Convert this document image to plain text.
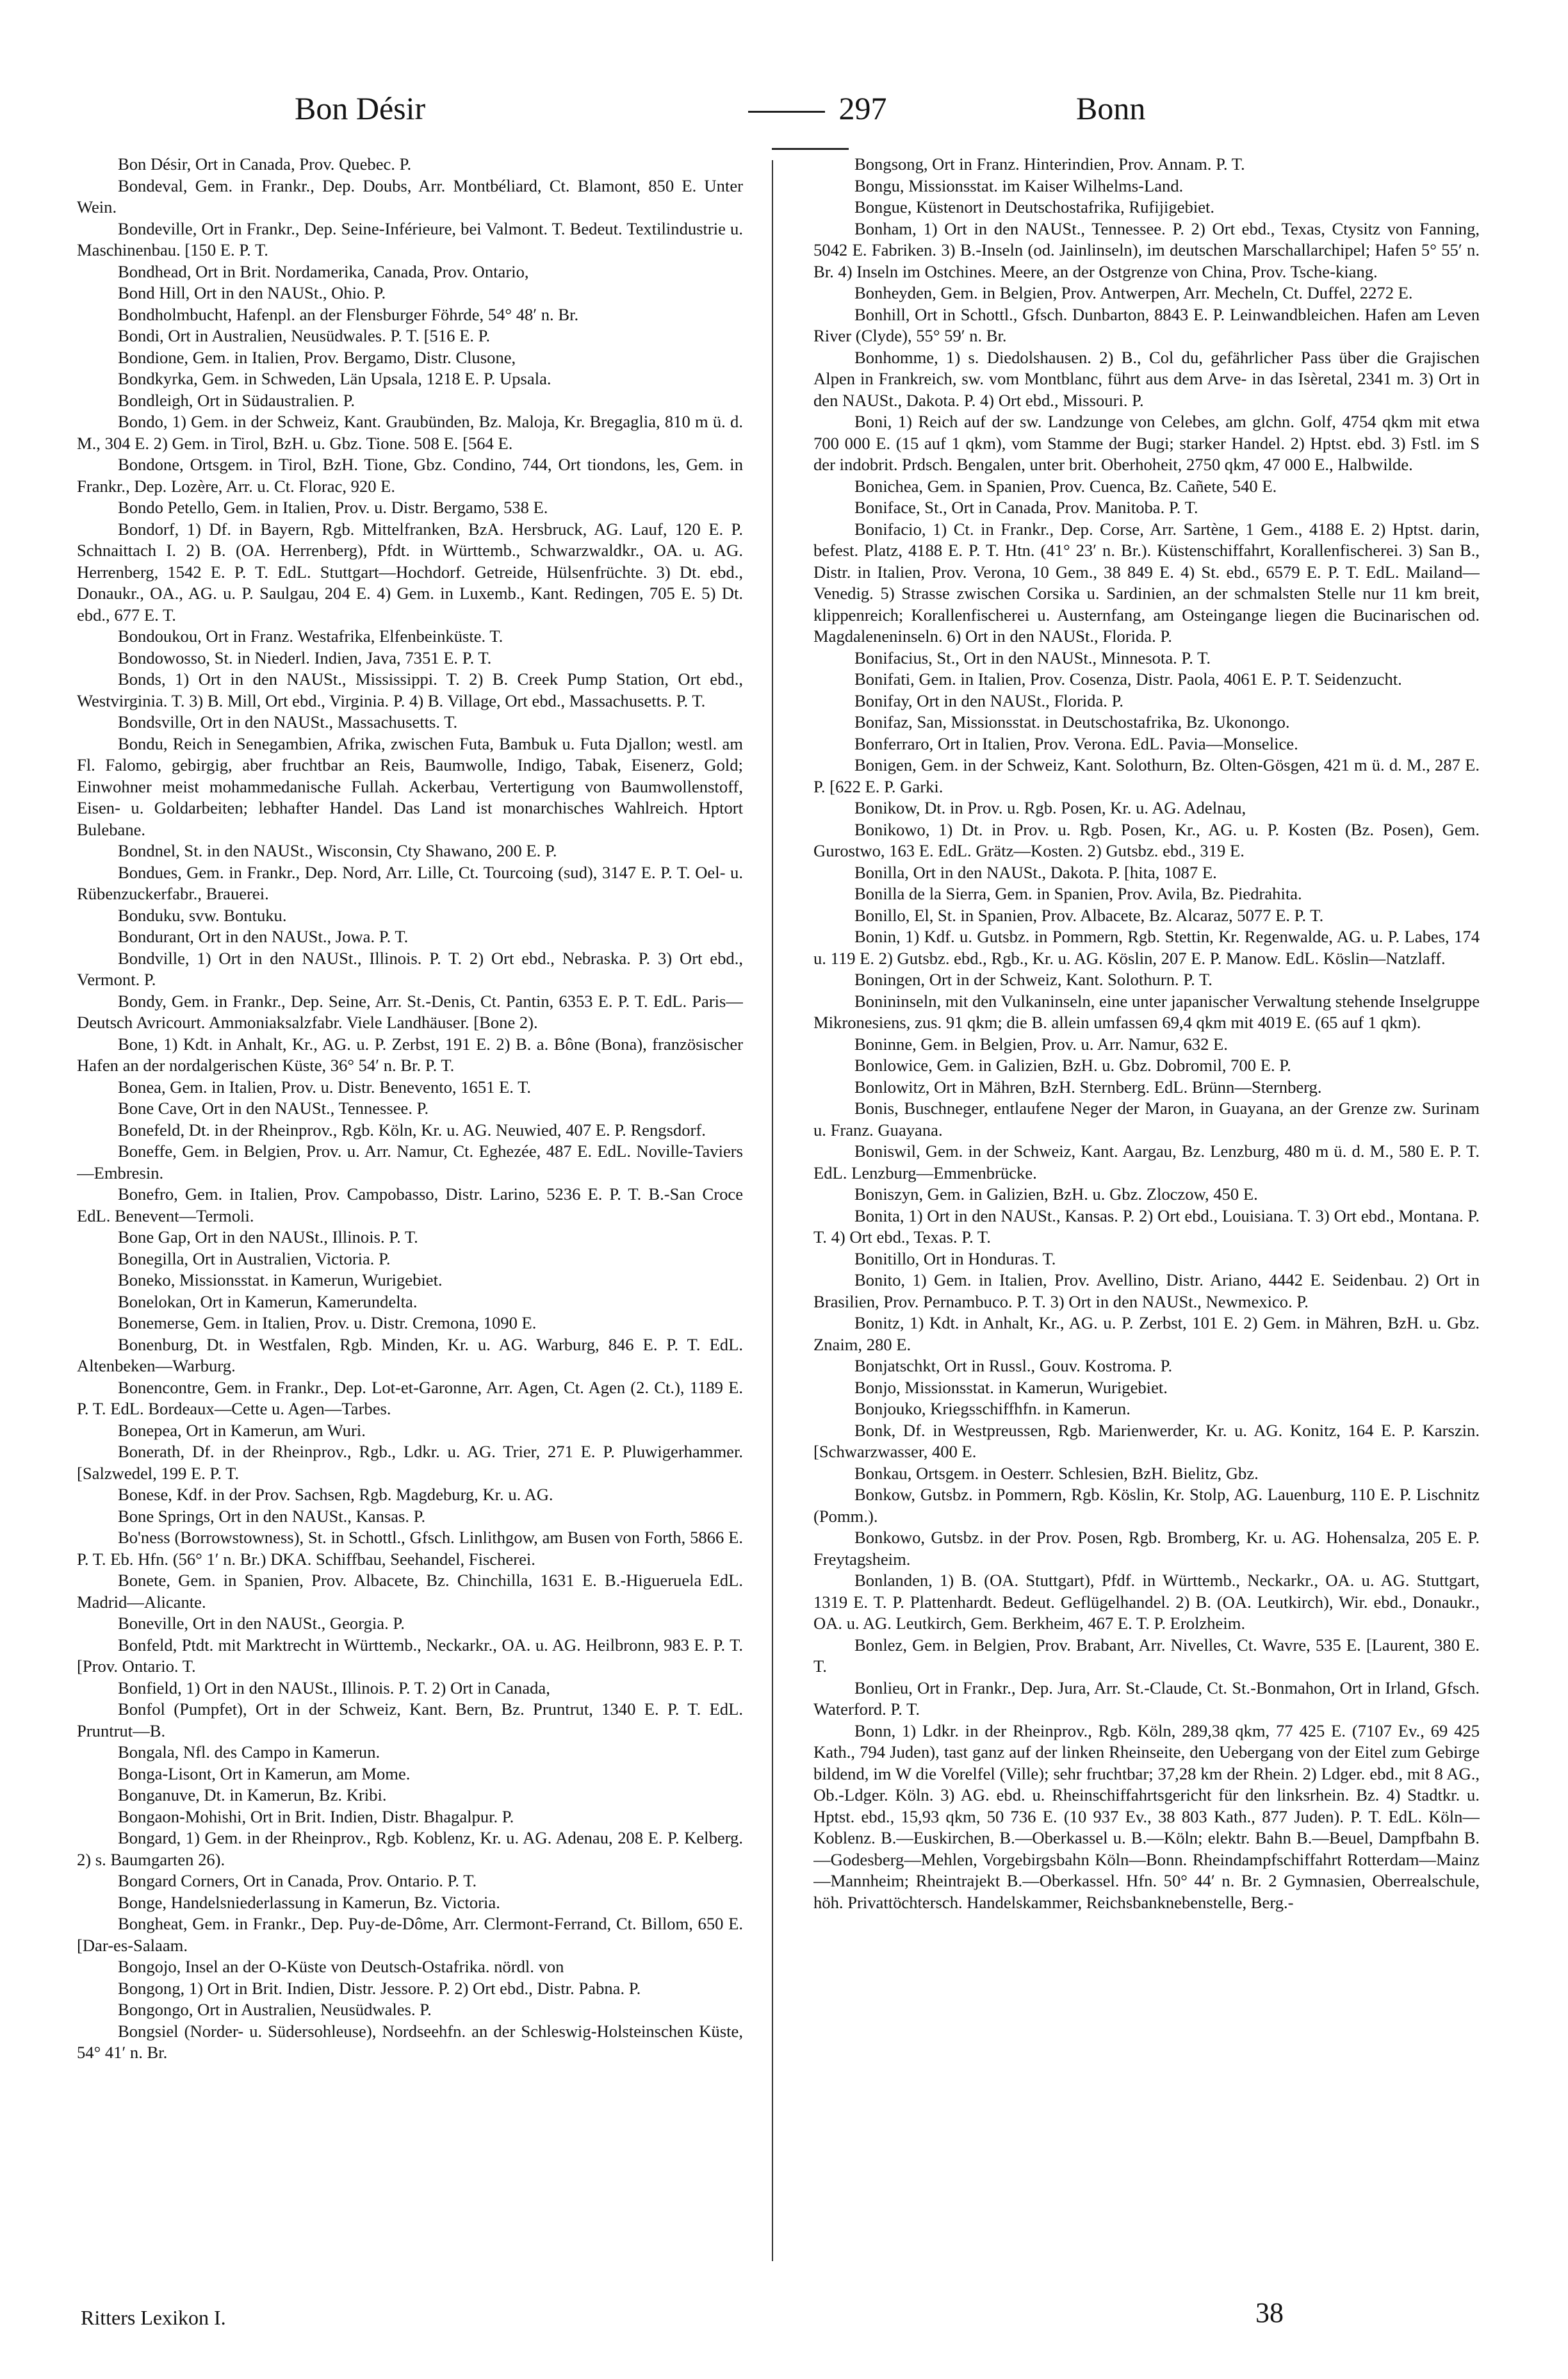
Bon Désir	297	Bonn

Bon Désir, Ort in Canada, Prov. Quebec. P.

Bondeval, Gem. in Frankr., Dep. Doubs, Arr. Montbéliard, Ct. Blamont, 850 E. Unter Wein.

Bondeville, Ort in Frankr., Dep. Seine-Inférieure, bei Valmont. T. Bedeut. Textilindustrie u. Maschinenbau. [150 E. P. T.

Bondhead, Ort in Brit. Nordamerika, Canada, Prov. Ontario,

Bond Hill, Ort in den NAUSt., Ohio. P.

Bondholmbucht, Hafenpl. an der Flensburger Föhrde, 54° 48′ n. Br.

Bondi, Ort in Australien, Neusüdwales. P. T. [516 E. P.

Bondione, Gem. in Italien, Prov. Bergamo, Distr. Clusone,

Bondkyrka, Gem. in Schweden, Län Upsala, 1218 E. P. Upsala.

Bondleigh, Ort in Südaustralien. P.

Bondo, 1) Gem. in der Schweiz, Kant. Graubünden, Bz. Maloja, Kr. Bregaglia, 810 m ü. d. M., 304 E. 2) Gem. in Tirol, BzH. u. Gbz. Tione. 508 E. [564 E.

Bondone, Ortsgem. in Tirol, BzH. Tione, Gbz. Condino, 744, Ort tiondons, les, Gem. in Frankr., Dep. Lozère, Arr. u. Ct. Florac, 920 E.

Bondo Petello, Gem. in Italien, Prov. u. Distr. Bergamo, 538 E.

Bondorf, 1) Df. in Bayern, Rgb. Mittelfranken, BzA. Hersbruck, AG. Lauf, 120 E. P. Schnaittach I. 2) B. (OA. Herrenberg), Pfdt. in Württemb., Schwarzwaldkr., OA. u. AG. Herrenberg, 1542 E. P. T. EdL. Stuttgart—Hochdorf. Getreide, Hülsenfrüchte. 3) Dt. ebd., Donaukr., OA., AG. u. P. Saulgau, 204 E. 4) Gem. in Luxemb., Kant. Redingen, 705 E. 5) Dt. ebd., 677 E. T.

Bondoukou, Ort in Franz. Westafrika, Elfenbeinküste. T.

Bondowosso, St. in Niederl. Indien, Java, 7351 E. P. T.

Bonds, 1) Ort in den NAUSt., Mississippi. T. 2) B. Creek Pump Station, Ort ebd., Westvirginia. T. 3) B. Mill, Ort ebd., Virginia. P. 4) B. Village, Ort ebd., Massachusetts. P. T.

Bondsville, Ort in den NAUSt., Massachusetts. T.

Bondu, Reich in Senegambien, Afrika, zwischen Futa, Bambuk u. Futa Djallon; westl. am Fl. Falomo, gebirgig, aber fruchtbar an Reis, Baumwolle, Indigo, Tabak, Eisenerz, Gold; Einwohner meist mohammedanische Fullah. Ackerbau, Vertertigung von Baumwollenstoff, Eisen- u. Goldarbeiten; lebhafter Handel. Das Land ist monarchisches Wahlreich. Hptort Bulebane.

Bondnel, St. in den NAUSt., Wisconsin, Cty Shawano, 200 E. P.

Bondues, Gem. in Frankr., Dep. Nord, Arr. Lille, Ct. Tourcoing (sud), 3147 E. P. T. Oel- u. Rübenzuckerfabr., Brauerei.

Bonduku, svw. Bontuku.

Bondurant, Ort in den NAUSt., Jowa. P. T.

Bondville, 1) Ort in den NAUSt., Illinois. P. T. 2) Ort ebd., Nebraska. P. 3) Ort ebd., Vermont. P.

Bondy, Gem. in Frankr., Dep. Seine, Arr. St.-Denis, Ct. Pantin, 6353 E. P. T. EdL. Paris—Deutsch Avricourt. Ammoniaksalzfabr. Viele Landhäuser. [Bone 2).

Bone, 1) Kdt. in Anhalt, Kr., AG. u. P. Zerbst, 191 E. 2) B. a. Bône (Bona), französischer Hafen an der nordalgerischen Küste, 36° 54′ n. Br. P. T.

Bonea, Gem. in Italien, Prov. u. Distr. Benevento, 1651 E. T.

Bone Cave, Ort in den NAUSt., Tennessee. P.

Bonefeld, Dt. in der Rheinprov., Rgb. Köln, Kr. u. AG. Neuwied, 407 E. P. Rengsdorf.

Boneffe, Gem. in Belgien, Prov. u. Arr. Namur, Ct. Eghezée, 487 E. EdL. Noville-Taviers—Embresin.

Bonefro, Gem. in Italien, Prov. Campobasso, Distr. Larino, 5236 E. P. T. B.-San Croce EdL. Benevent—Termoli.

Bone Gap, Ort in den NAUSt., Illinois. P. T.

Bonegilla, Ort in Australien, Victoria. P.

Boneko, Missionsstat. in Kamerun, Wurigebiet.

Bonelokan, Ort in Kamerun, Kamerundelta.

Bonemerse, Gem. in Italien, Prov. u. Distr. Cremona, 1090 E.

Bonenburg, Dt. in Westfalen, Rgb. Minden, Kr. u. AG. Warburg, 846 E. P. T. EdL. Altenbeken—Warburg.

Bonencontre, Gem. in Frankr., Dep. Lot-et-Garonne, Arr. Agen, Ct. Agen (2. Ct.), 1189 E. P. T. EdL. Bordeaux—Cette u. Agen—Tarbes.

Bonepea, Ort in Kamerun, am Wuri.

Bonerath, Df. in der Rheinprov., Rgb., Ldkr. u. AG. Trier, 271 E. P. Pluwigerhammer. [Salzwedel, 199 E. P. T.

Bonese, Kdf. in der Prov. Sachsen, Rgb. Magdeburg, Kr. u. AG.

Bone Springs, Ort in den NAUSt., Kansas. P.

Bo'ness (Borrowstowness), St. in Schottl., Gfsch. Linlithgow, am Busen von Forth, 5866 E. P. T. Eb. Hfn. (56° 1′ n. Br.) DKA. Schiffbau, Seehandel, Fischerei.

Bonete, Gem. in Spanien, Prov. Albacete, Bz. Chinchilla, 1631 E. B.-Higueruela EdL. Madrid—Alicante.

Boneville, Ort in den NAUSt., Georgia. P.

Bonfeld, Ptdt. mit Marktrecht in Württemb., Neckarkr., OA. u. AG. Heilbronn, 983 E. P. T. [Prov. Ontario. T.

Bonfield, 1) Ort in den NAUSt., Illinois. P. T. 2) Ort in Canada,

Bonfol (Pumpfet), Ort in der Schweiz, Kant. Bern, Bz. Pruntrut, 1340 E. P. T. EdL. Pruntrut—B.

Bongala, Nfl. des Campo in Kamerun.

Bonga-Lisont, Ort in Kamerun, am Mome.

Bonganuve, Dt. in Kamerun, Bz. Kribi.

Bongaon-Mohishi, Ort in Brit. Indien, Distr. Bhagalpur. P.

Bongard, 1) Gem. in der Rheinprov., Rgb. Koblenz, Kr. u. AG. Adenau, 208 E. P. Kelberg. 2) s. Baumgarten 26).

Bongard Corners, Ort in Canada, Prov. Ontario. P. T.

Bonge, Handelsniederlassung in Kamerun, Bz. Victoria.

Bongheat, Gem. in Frankr., Dep. Puy-de-Dôme, Arr. Clermont-Ferrand, Ct. Billom, 650 E. [Dar-es-Salaam.

Bongojo, Insel an der O-Küste von Deutsch-Ostafrika. nördl. von

Bongong, 1) Ort in Brit. Indien, Distr. Jessore. P. 2) Ort ebd., Distr. Pabna. P.

Bongongo, Ort in Australien, Neusüdwales. P.

Bongsiel (Norder- u. Südersohleuse), Nordseehfn. an der Schleswig-Holsteinschen Küste, 54° 41′ n. Br.

Bongsong, Ort in Franz. Hinterindien, Prov. Annam. P. T.

Bongu, Missionsstat. im Kaiser Wilhelms-Land.

Bongue, Küstenort in Deutschostafrika, Rufijigebiet.

Bonham, 1) Ort in den NAUSt., Tennessee. P. 2) Ort ebd., Texas, Ctysitz von Fanning, 5042 E. Fabriken. 3) B.-Inseln (od. Jainlinseln), im deutschen Marschallarchipel; Hafen 5° 55′ n. Br. 4) Inseln im Ostchines. Meere, an der Ostgrenze von China, Prov. Tsche-kiang.

Bonheyden, Gem. in Belgien, Prov. Antwerpen, Arr. Mecheln, Ct. Duffel, 2272 E.

Bonhill, Ort in Schottl., Gfsch. Dunbarton, 8843 E. P. Leinwandbleichen. Hafen am Leven River (Clyde), 55° 59′ n. Br.

Bonhomme, 1) s. Diedolshausen. 2) B., Col du, gefährlicher Pass über die Grajischen Alpen in Frankreich, sw. vom Montblanc, führt aus dem Arve- in das Isèretal, 2341 m. 3) Ort in den NAUSt., Dakota. P. 4) Ort ebd., Missouri. P.

Boni, 1) Reich auf der sw. Landzunge von Celebes, am glchn. Golf, 4754 qkm mit etwa 700 000 E. (15 auf 1 qkm), vom Stamme der Bugi; starker Handel. 2) Hptst. ebd. 3) Fstl. im S der indobrit. Prdsch. Bengalen, unter brit. Oberhoheit, 2750 qkm, 47 000 E., Halbwilde.

Bonichea, Gem. in Spanien, Prov. Cuenca, Bz. Cañete, 540 E.

Boniface, St., Ort in Canada, Prov. Manitoba. P. T.

Bonifacio, 1) Ct. in Frankr., Dep. Corse, Arr. Sartène, 1 Gem., 4188 E. 2) Hptst. darin, befest. Platz, 4188 E. P. T. Htn. (41° 23′ n. Br.). Küstenschiffahrt, Korallenfischerei. 3) San B., Distr. in Italien, Prov. Verona, 10 Gem., 38 849 E. 4) St. ebd., 6579 E. P. T. EdL. Mailand—Venedig. 5) Strasse zwischen Corsika u. Sardinien, an der schmalsten Stelle nur 11 km breit, klippenreich; Korallenfischerei u. Austernfang, am Osteingange liegen die Bucinarischen od. Magdaleneninseln. 6) Ort in den NAUSt., Florida. P.

Bonifacius, St., Ort in den NAUSt., Minnesota. P. T.

Bonifati, Gem. in Italien, Prov. Cosenza, Distr. Paola, 4061 E. P. T. Seidenzucht.

Bonifay, Ort in den NAUSt., Florida. P.

Bonifaz, San, Missionsstat. in Deutschostafrika, Bz. Ukonongo.

Bonferraro, Ort in Italien, Prov. Verona. EdL. Pavia—Monselice.

Bonigen, Gem. in der Schweiz, Kant. Solothurn, Bz. Olten-Gösgen, 421 m ü. d. M., 287 E. P. [622 E. P. Garki.

Bonikow, Dt. in Prov. u. Rgb. Posen, Kr. u. AG. Adelnau,

Bonikowo, 1) Dt. in Prov. u. Rgb. Posen, Kr., AG. u. P. Kosten (Bz. Posen), Gem. Gurostwo, 163 E. EdL. Grätz—Kosten. 2) Gutsbz. ebd., 319 E.

Bonilla, Ort in den NAUSt., Dakota. P. [hita, 1087 E.

Bonilla de la Sierra, Gem. in Spanien, Prov. Avila, Bz. Piedrahita.

Bonillo, El, St. in Spanien, Prov. Albacete, Bz. Alcaraz, 5077 E. P. T.

Bonin, 1) Kdf. u. Gutsbz. in Pommern, Rgb. Stettin, Kr. Regenwalde, AG. u. P. Labes, 174 u. 119 E. 2) Gutsbz. ebd., Rgb., Kr. u. AG. Köslin, 207 E. P. Manow. EdL. Köslin—Natzlaff.

Boningen, Ort in der Schweiz, Kant. Solothurn. P. T.

Bonininseln, mit den Vulkaninseln, eine unter japanischer Verwaltung stehende Inselgruppe Mikronesiens, zus. 91 qkm; die B. allein umfassen 69,4 qkm mit 4019 E. (65 auf 1 qkm).

Boninne, Gem. in Belgien, Prov. u. Arr. Namur, 632 E.

Bonlowice, Gem. in Galizien, BzH. u. Gbz. Dobromil, 700 E. P.

Bonlowitz, Ort in Mähren, BzH. Sternberg. EdL. Brünn—Sternberg.

Bonis, Buschneger, entlaufene Neger der Maron, in Guayana, an der Grenze zw. Surinam u. Franz. Guayana.

Boniswil, Gem. in der Schweiz, Kant. Aargau, Bz. Lenzburg, 480 m ü. d. M., 580 E. P. T. EdL. Lenzburg—Emmenbrücke.

Boniszyn, Gem. in Galizien, BzH. u. Gbz. Zloczow, 450 E.

Bonita, 1) Ort in den NAUSt., Kansas. P. 2) Ort ebd., Louisiana. T. 3) Ort ebd., Montana. P. T. 4) Ort ebd., Texas. P. T.

Bonitillo, Ort in Honduras. T.

Bonito, 1) Gem. in Italien, Prov. Avellino, Distr. Ariano, 4442 E. Seidenbau. 2) Ort in Brasilien, Prov. Pernambuco. P. T. 3) Ort in den NAUSt., Newmexico. P.

Bonitz, 1) Kdt. in Anhalt, Kr., AG. u. P. Zerbst, 101 E. 2) Gem. in Mähren, BzH. u. Gbz. Znaim, 280 E.

Bonjatschkt, Ort in Russl., Gouv. Kostroma. P.

Bonjo, Missionsstat. in Kamerun, Wurigebiet.

Bonjouko, Kriegsschiffhfn. in Kamerun.

Bonk, Df. in Westpreussen, Rgb. Marienwerder, Kr. u. AG. Konitz, 164 E. P. Karszin. [Schwarzwasser, 400 E.

Bonkau, Ortsgem. in Oesterr. Schlesien, BzH. Bielitz, Gbz.

Bonkow, Gutsbz. in Pommern, Rgb. Köslin, Kr. Stolp, AG. Lauenburg, 110 E. P. Lischnitz (Pomm.).

Bonkowo, Gutsbz. in der Prov. Posen, Rgb. Bromberg, Kr. u. AG. Hohensalza, 205 E. P. Freytagsheim.

Bonlanden, 1) B. (OA. Stuttgart), Pfdf. in Württemb., Neckarkr., OA. u. AG. Stuttgart, 1319 E. T. P. Plattenhardt. Bedeut. Geflügelhandel. 2) B. (OA. Leutkirch), Wir. ebd., Donaukr., OA. u. AG. Leutkirch, Gem. Berkheim, 467 E. T. P. Erolzheim.

Bonlez, Gem. in Belgien, Prov. Brabant, Arr. Nivelles, Ct. Wavre, 535 E. [Laurent, 380 E. T.

Bonlieu, Ort in Frankr., Dep. Jura, Arr. St.-Claude, Ct. St.-Bonmahon, Ort in Irland, Gfsch. Waterford. P. T.

Bonn, 1) Ldkr. in der Rheinprov., Rgb. Köln, 289,38 qkm, 77 425 E. (7107 Ev., 69 425 Kath., 794 Juden), tast ganz auf der linken Rheinseite, den Uebergang von der Eitel zum Gebirge bildend, im W die Vorelfel (Ville); sehr fruchtbar; 37,28 km der Rhein. 2) Ldger. ebd., mit 8 AG., Ob.-Ldger. Köln. 3) AG. ebd. u. Rheinschiffahrtsgericht für den linksrhein. Bz. 4) Stadtkr. u. Hptst. ebd., 15,93 qkm, 50 736 E. (10 937 Ev., 38 803 Kath., 877 Juden). P. T. EdL. Köln—Koblenz. B.—Euskirchen, B.—Oberkassel u. B.—Köln; elektr. Bahn B.—Beuel, Dampfbahn B.—Godesberg—Mehlen, Vorgebirgsbahn Köln—Bonn. Rheindampfschiffahrt Rotterdam—Mainz—Mannheim; Rheintrajekt B.—Oberkassel. Hfn. 50° 44′ n. Br. 2 Gymnasien, Oberrealschule, höh. Privattöchtersch. Handelskammer, Reichsbanknebenstelle, Berg.-

Ritters Lexikon I.	38
